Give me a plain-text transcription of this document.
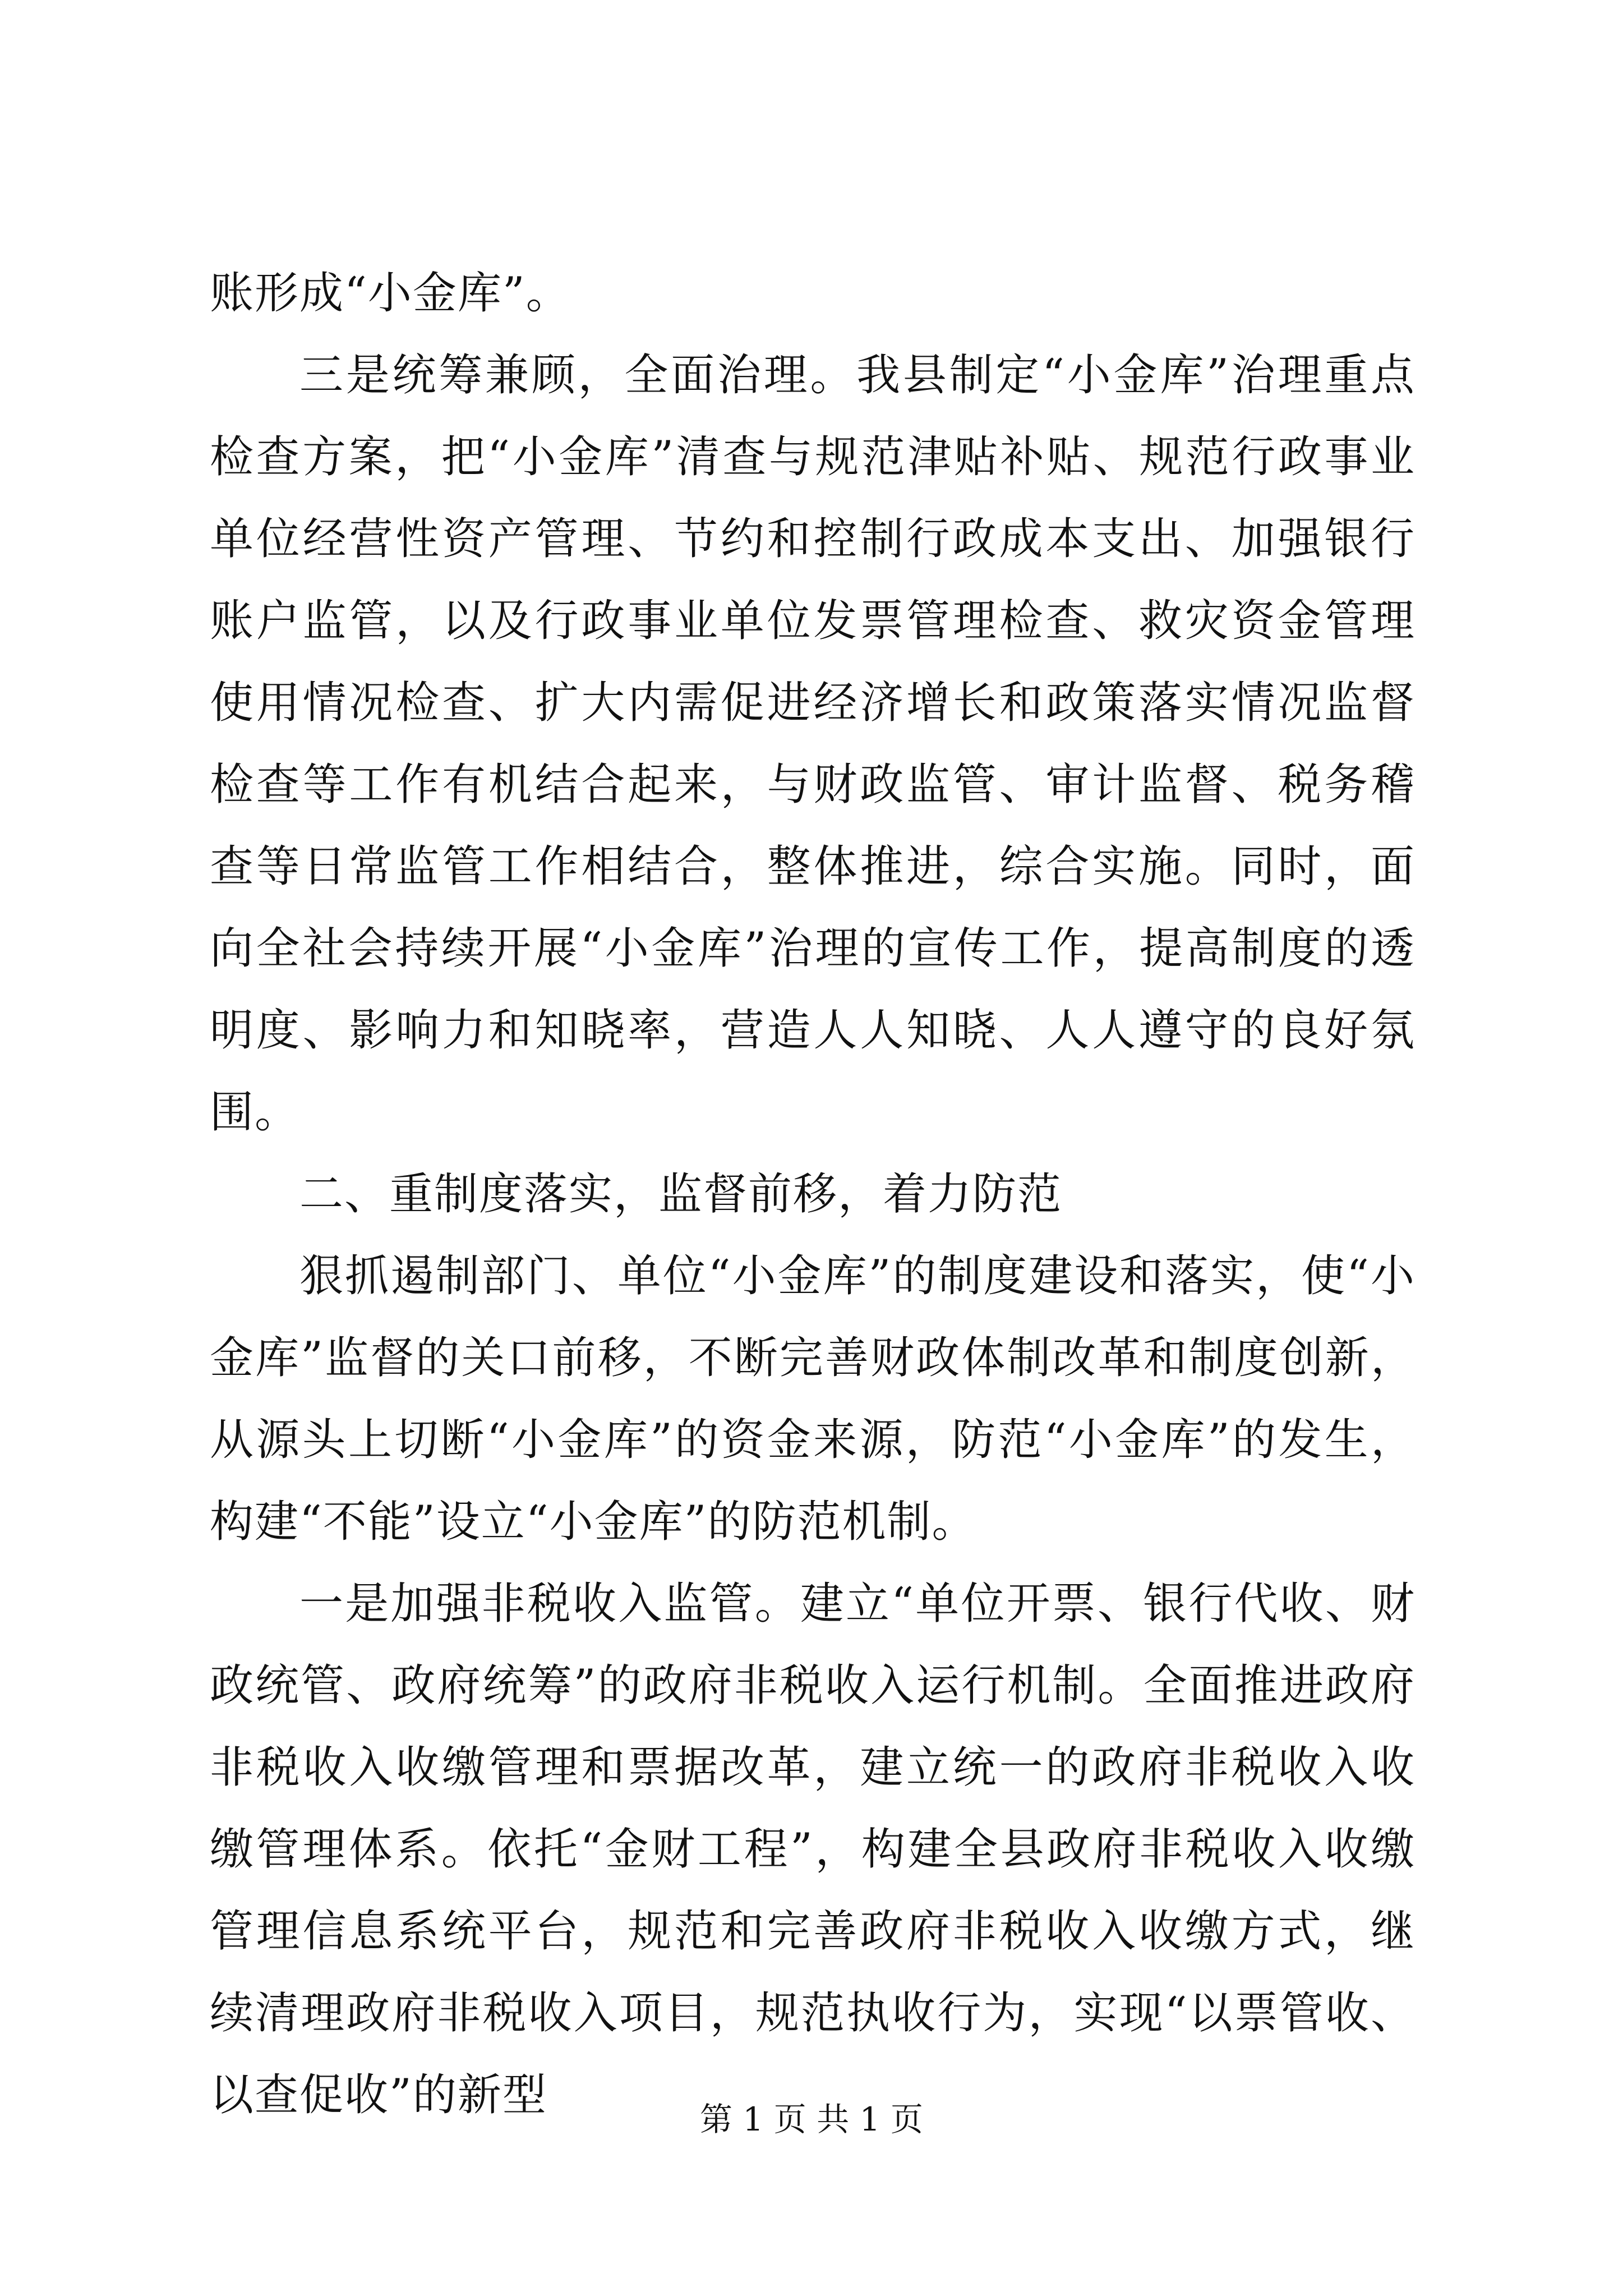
账形成“小金库”。

三是统筹兼顾，全面治理。我县制定“小金库”治理重点检查方案，把“小金库”清查与规范津贴补贴、规范行政事业单位经营性资产管理、节约和控制行政成本支出、加强银行账户监管，以及行政事业单位发票管理检查、救灾资金管理使用情况检查、扩大内需促进经济增长和政策落实情况监督检查等工作有机结合起来，与财政监管、审计监督、税务稽查等日常监管工作相结合，整体推进，综合实施。同时，面向全社会持续开展“小金库”治理的宣传工作，提高制度的透明度、影响力和知晓率，营造人人知晓、人人遵守的良好氛围。

二、重制度落实，监督前移，着力防范

狠抓遏制部门、单位“小金库”的制度建设和落实，使“小金库”监督的关口前移，不断完善财政体制改革和制度创新，从源头上切断“小金库”的资金来源，防范“小金库”的发生，构建“不能”设立“小金库”的防范机制。

一是加强非税收入监管。建立“单位开票、银行代收、财政统管、政府统筹”的政府非税收入运行机制。全面推进政府非税收入收缴管理和票据改革，建立统一的政府非税收入收缴管理体系。依托“金财工程”，构建全县政府非税收入收缴管理信息系统平台，规范和完善政府非税收入收缴方式，继续清理政府非税收入项目，规范执收行为，实现“以票管收、以查促收”的新型	第 1 页 共 1 页
